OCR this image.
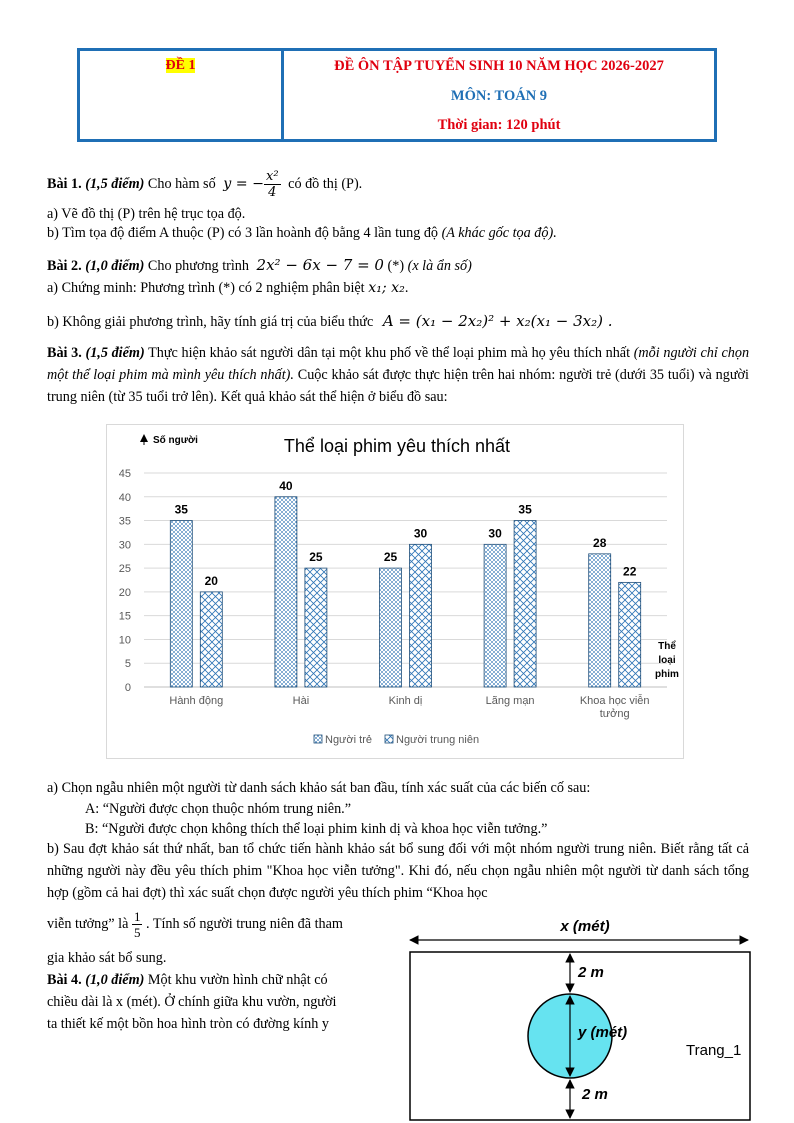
ĐỀ 1	ĐỀ ÔN TẬP TUYỂN SINH 10 NĂM HỌC 2026-2027
MÔN: TOÁN 9
Thời gian: 120 phút
Bài 1. (1,5 điểm) Cho hàm số y = − $\frac{\text{x²}}{4}$ có đồ thị (P).
a) Vẽ đồ thị (P) trên hệ trục tọa độ.
b) Tìm tọa độ điểm A thuộc (P) có 3 lần hoành độ bằng 4 lần tung độ (A khác gốc tọa độ).
Bài 2. (1,0 điểm) Cho phương trình 2x² − 6x − 7 = 0 (*) (x là ẩn số)
a) Chứng minh: Phương trình (*) có 2 nghiệm phân biệt x₁; x₂.
b) Không giải phương trình, hãy tính giá trị của biểu thức A = (x₁ − 2x₂)² + x₂(x₁ − 3x₂) .
Bài 3. (1,5 điểm) Thực hiện khảo sát người dân tại một khu phố về thể loại phim mà họ yêu thích nhất (mỗi người chỉ chọn một thể loại phim mà mình yêu thích nhất). Cuộc khảo sát được thực hiện trên hai nhóm: người trẻ (dưới 35 tuổi) và người trung niên (từ 35 tuổi trở lên). Kết quả khảo sát thể hiện ở biểu đồ sau:
Thể loại phim yêu thích nhất
Số người
0
5
10
15
20
25
30
35
40
45
35
20
Hành động
40
25
Hài
25
30
Kinh dị
30
35
Lãng mạn
28
22
Khoa học viễn
tưởng
Thể
loại
phim
Người trẻ Người trung niên
a) Chọn ngẫu nhiên một người từ danh sách khảo sát ban đầu, tính xác suất của các biến cố sau:
A: “Người được chọn thuộc nhóm trung niên.”
B: “Người được chọn không thích thể loại phim kinh dị và khoa học viễn tưởng.”
b) Sau đợt khảo sát thứ nhất, ban tổ chức tiến hành khảo sát bổ sung đối với một nhóm người trung niên. Biết rằng tất cả những người này đều yêu thích phim "Khoa học viễn tưởng". Khi đó, nếu chọn ngẫu nhiên một người từ danh sách tổng hợp (gồm cả hai đợt) thì xác suất chọn được người yêu thích phim “Khoa học
viễn tưởng” là $\frac{1}{5}$ . Tính số người trung niên đã tham
gia khảo sát bổ sung.
Bài 4. (1,0 điểm) Một khu vườn hình chữ nhật có
chiều dài là x (mét). Ở chính giữa khu vườn, người
ta thiết kế một bồn hoa hình tròn có đường kính y
x (mét)
2 m
y (mét)
2 m
Trang_1
